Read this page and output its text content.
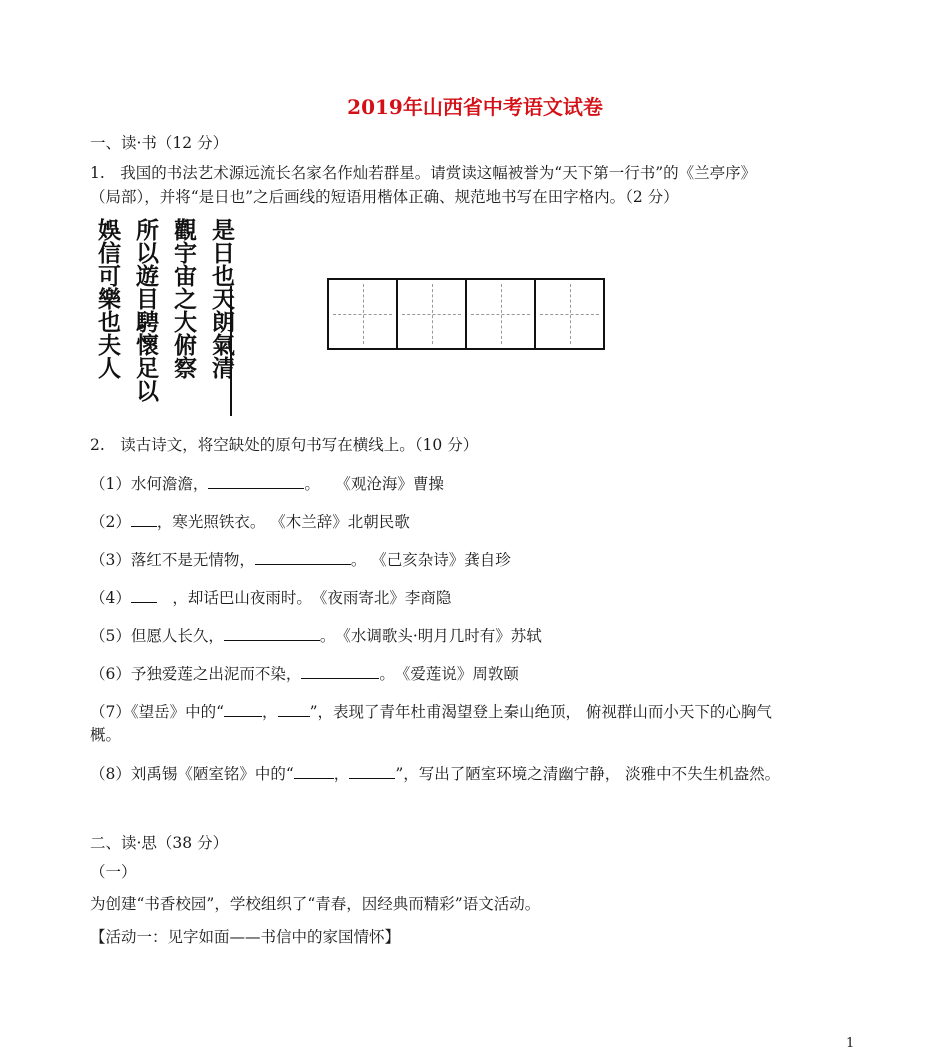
2019年山西省中考语文试卷
一、读·书（12 分）
1.　我国的书法艺术源远流长名家名作灿若群星。请赏读这幅被誉为“天下第一行书”的《兰亭序》
（局部），并将“是日也”之后画线的短语用楷体正确、规范地书写在田字格内。（2 分）
是日也天朗氣清
觀宇宙之大俯察
所以遊目騁懷足以
娛信可樂也夫人
2.　读古诗文，将空缺处的原句书写在横线上。（10 分）
（1）水何澹澹，	。　　《观沧海》曹操
（2） ，寒光照铁衣。 《木兰辞》北朝民歌
（3）落红不是无情物，	。 《己亥杂诗》龚自珍
（4）　，却话巴山夜雨时。　《夜雨寄北》李商隐
（5）但愿人长久，	。　《水调歌头·明月几时有》苏轼
（6）予独爱莲之出泥而不染，	。　《爱莲说》周敦颐
（7）《望岳》中的“ ， ”，表现了青年杜甫渴望登上秦山绝顶， 俯视群山而小天下的心胸气
概。
（8）刘禹锡《陋室铭》中的“	，	”，写出了陋室环境之清幽宁静， 淡雅中不失生机盎然。
二、读·思（38 分）
（一）
为创建“书香校园”，学校组织了“青春，因经典而精彩”语文活动。
【活动一：见字如面——书信中的家国情怀】
1
